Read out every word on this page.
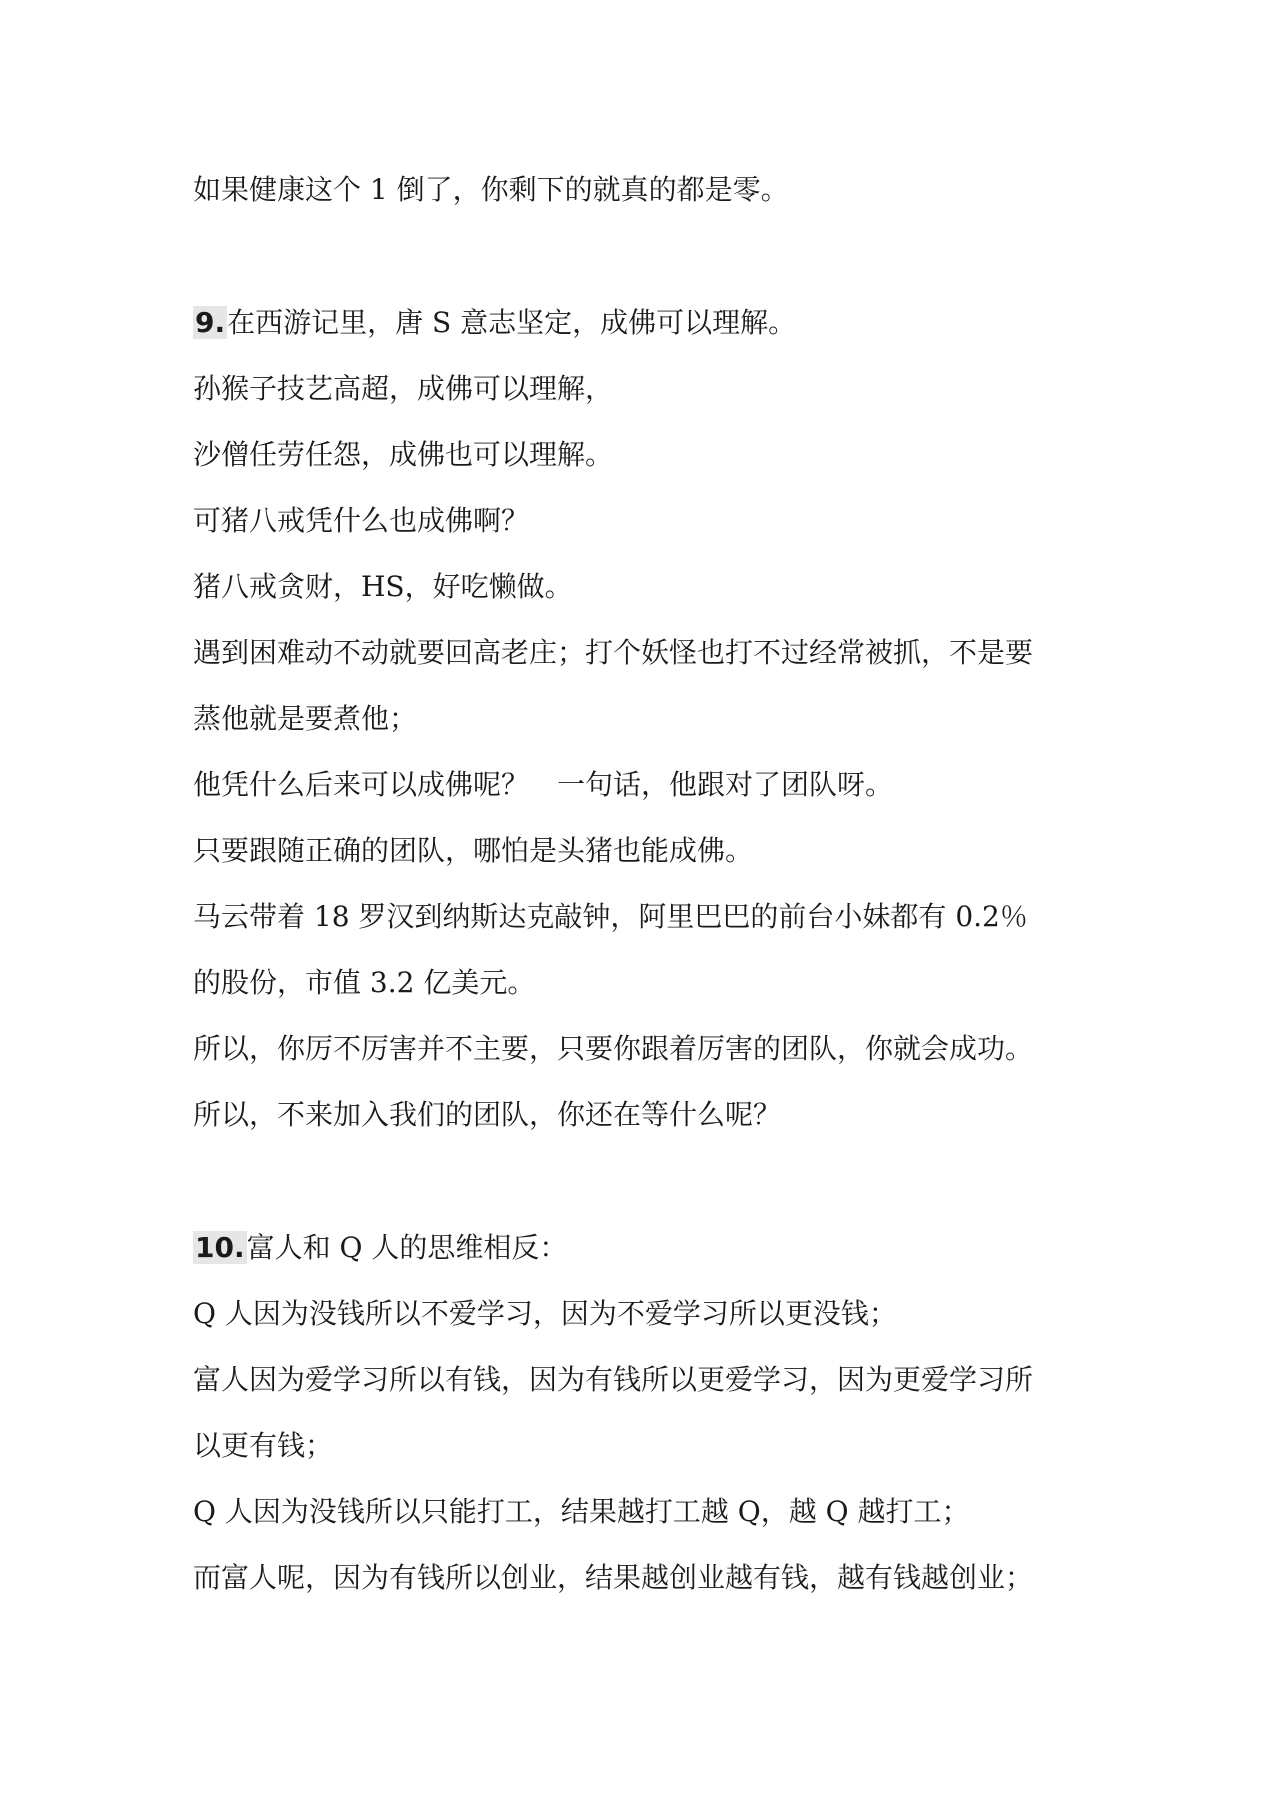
如果健康这个 1 倒了，你剩下的就真的都是零。
9.在西游记里，唐 S 意志坚定，成佛可以理解。
孙猴子技艺高超，成佛可以理解，
沙僧任劳任怨，成佛也可以理解。
可猪八戒凭什么也成佛啊？
猪八戒贪财，HS，好吃懒做。
遇到困难动不动就要回高老庄；打个妖怪也打不过经常被抓，不是要
蒸他就是要煮他；
他凭什么后来可以成佛呢？　一句话，他跟对了团队呀。
只要跟随正确的团队，哪怕是头猪也能成佛。
马云带着 18 罗汉到纳斯达克敲钟，阿里巴巴的前台小妹都有 0.2％
的股份，市值 3.2 亿美元。
所以，你厉不厉害并不主要，只要你跟着厉害的团队，你就会成功。
所以，不来加入我们的团队，你还在等什么呢？
10.富人和 Q 人的思维相反：
Q 人因为没钱所以不爱学习，因为不爱学习所以更没钱；
富人因为爱学习所以有钱，因为有钱所以更爱学习，因为更爱学习所
以更有钱；
Q 人因为没钱所以只能打工，结果越打工越 Q，越 Q 越打工；
而富人呢，因为有钱所以创业，结果越创业越有钱，越有钱越创业；
